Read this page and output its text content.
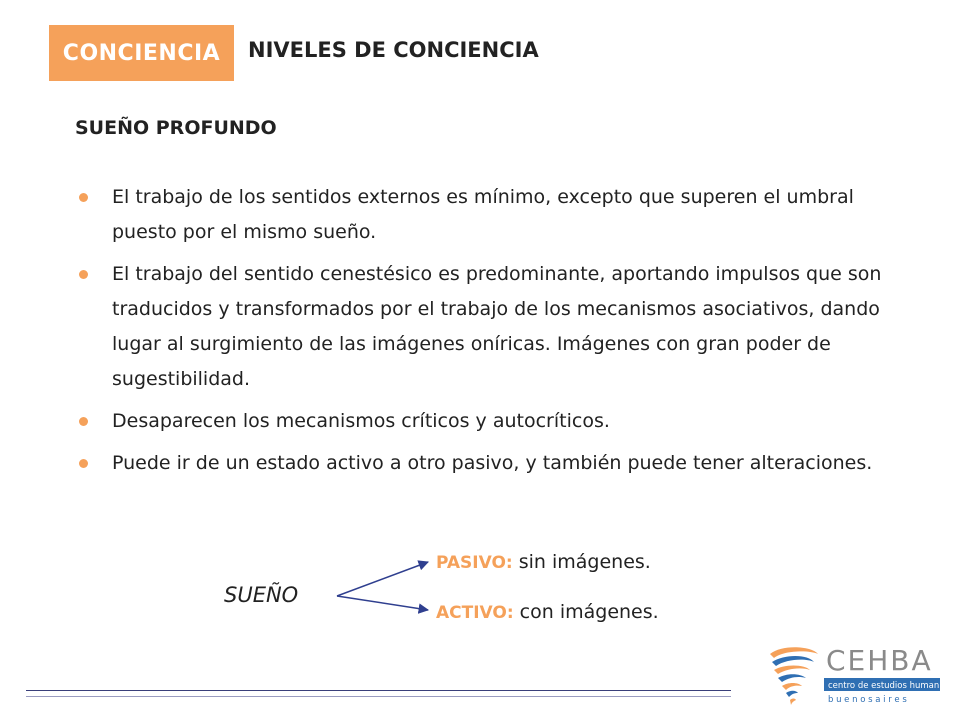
CONCIENCIA	NIVELES DE CONCIENCIA
SUEÑO PROFUNDO
El trabajo de los sentidos externos es mínimo, excepto que superen el umbral puesto por el mismo sueño.
El trabajo del sentido cenestésico es predominante, aportando impulsos que son traducidos y transformados por el trabajo de los mecanismos asociativos, dando lugar al surgimiento de las imágenes oníricas. Imágenes con gran poder de sugestibilidad.
Desaparecen los mecanismos críticos y autocríticos.
Puede ir de un estado activo a otro pasivo, y también puede tener alteraciones.
SUEÑO
PASIVO: sin imágenes.
ACTIVO: con imágenes.
CEHBA
centro de estudios humanistas
b u e n o s a i r e s
